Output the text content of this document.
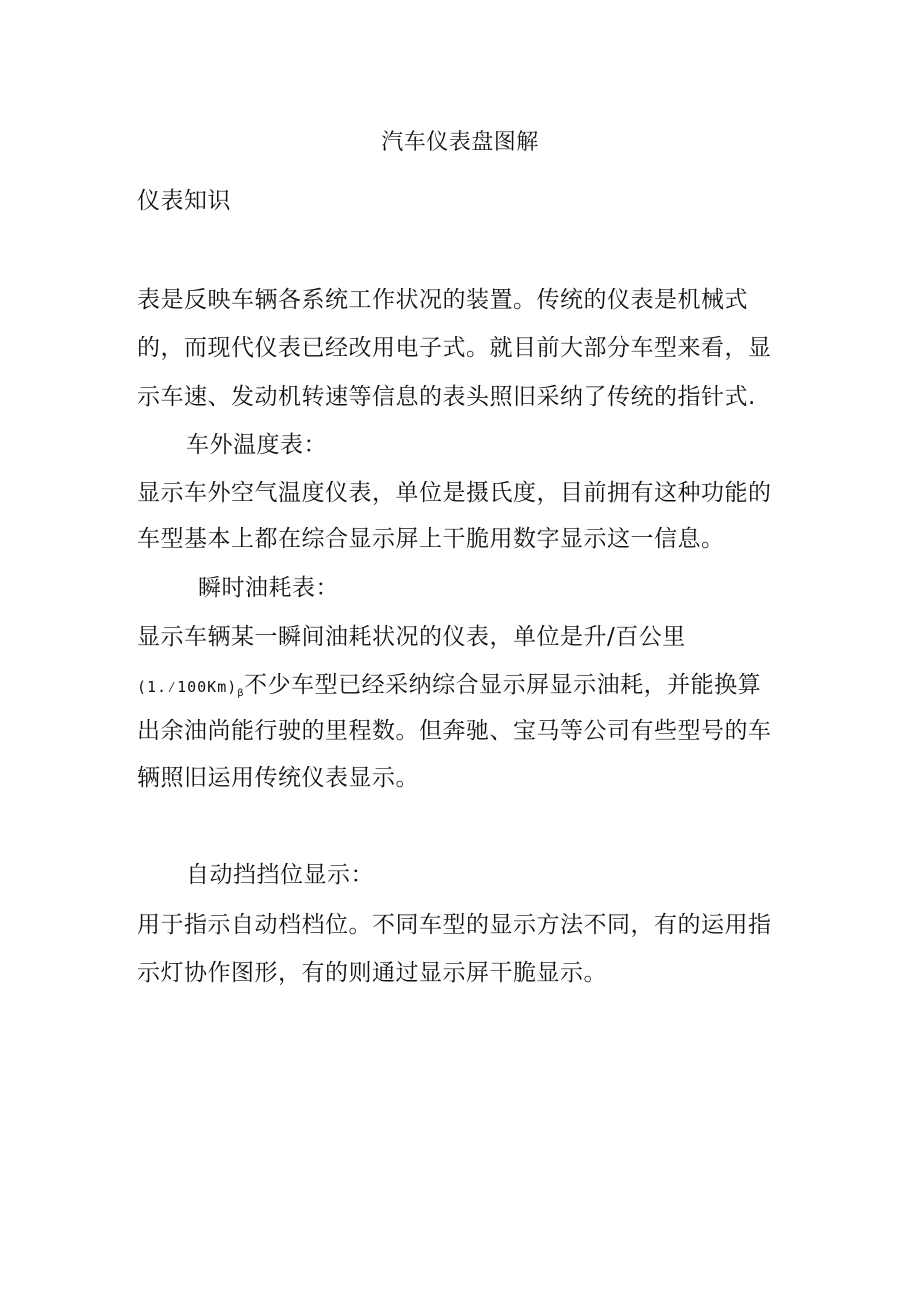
汽车仪表盘图解
仪表知识
表是反映车辆各系统工作状况的装置。传统的仪表是机械式
的，而现代仪表已经改用电子式。就目前大部分车型来看，显
示车速、发动机转速等信息的表头照旧采纳了传统的指针式.
车外温度表：
显示车外空气温度仪表，单位是摄氏度，目前拥有这种功能的
车型基本上都在综合显示屏上干脆用数字显示这一信息。
瞬时油耗表：
显示车辆某一瞬间油耗状况的仪表，单位是升/百公里
$(1.⁄100Km)_\beta$不少车型已经采纳综合显示屏显示油耗，并能换算
出余油尚能行驶的里程数。但奔驰、宝马等公司有些型号的车
辆照旧运用传统仪表显示。
自动挡挡位显示：
用于指示自动档档位。不同车型的显示方法不同，有的运用指
示灯协作图形，有的则通过显示屏干脆显示。
